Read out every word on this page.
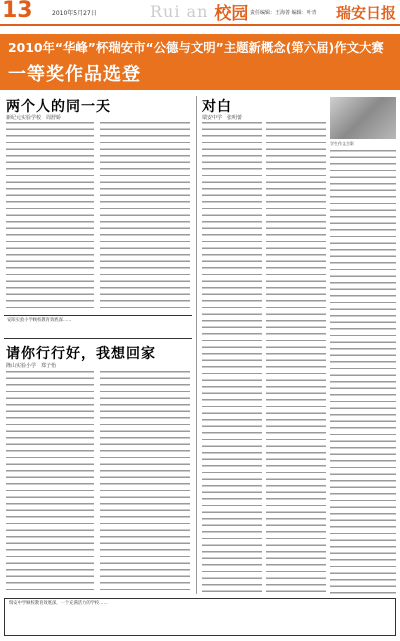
13	2010年5月27日	Rui an 校园 责任编辑：王海善 编辑：叶青 瑞安日报
2010年“华峰”杯瑞安市“公德与文明”主题新概念(第六届)作文大赛
一等奖作品选登
两个人的同一天
新纪元实验学校　周舒娇
安阳实验小学顾校教育效底深……
请你行行好，我想回家
隆山实验小学　郑子怡
对白
瑞安中学　张明蕾
学生作文合影
瑞安中学顾校教育效底深，一个充满活力的学校……
